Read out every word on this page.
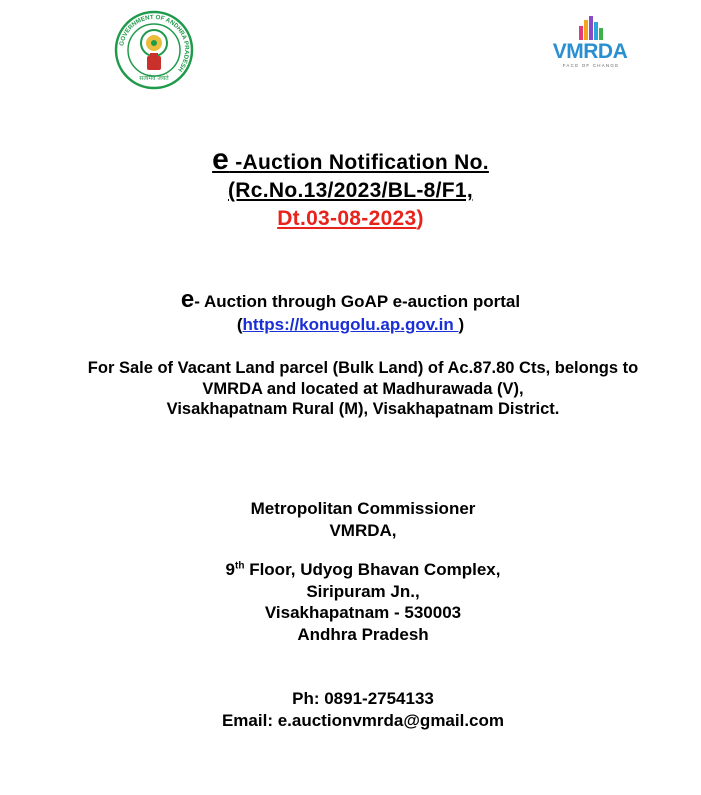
GOVERNMENT OF ANDHRA PRADESH
सत्यमेव जयते
VMRDA
FACE OF CHANGE
e -Auction Notification No.
(Rc.No.13/2023/BL-8/F1,
Dt.03-08-2023)
e- Auction through GoAP e-auction portal
(https://konugolu.ap.gov.in )
For Sale of Vacant Land parcel (Bulk Land) of Ac.87.80 Cts, belongs to
VMRDA and located at Madhurawada (V),
Visakhapatnam Rural (M), Visakhapatnam District.
Metropolitan Commissioner
VMRDA,
9th Floor, Udyog Bhavan Complex,
Siripuram Jn.,
Visakhapatnam - 530003
Andhra Pradesh
Ph: 0891-2754133
Email: e.auctionvmrda@gmail.com
